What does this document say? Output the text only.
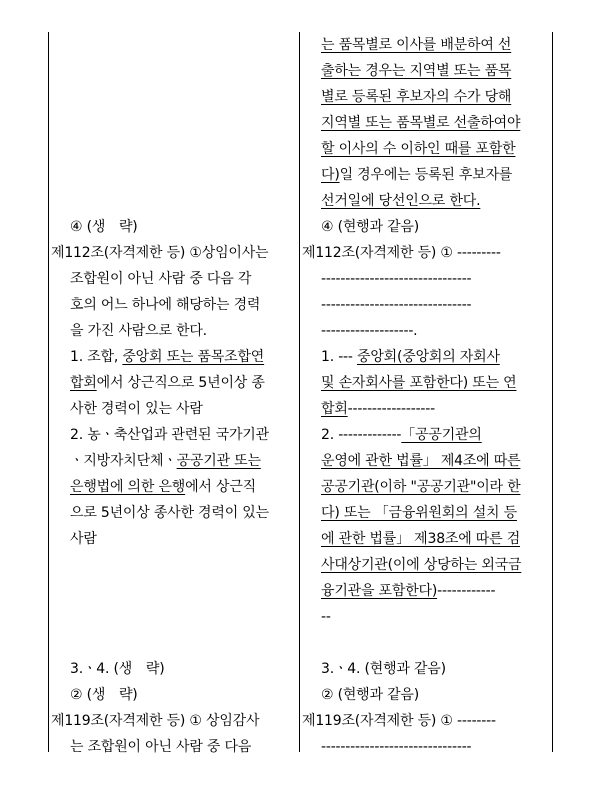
④ (생　략)
제112조(자격제한 등) ①상임이사는
조합원이 아닌 사람 중 다음 각
호의 어느 하나에 해당하는 경력
을 가진 사람으로 한다.
1. 조합, 중앙회 또는 품목조합연
합회에서 상근직으로 5년이상 종
사한 경력이 있는 사람
2. 농ㆍ축산업과 관련된 국가기관
ㆍ지방자치단체ㆍ공공기관 또는
은행법에 의한 은행에서 상근직
으로 5년이상 종사한 경력이 있는
사람
3.ㆍ4. (생　략)
② (생　략)
제119조(자격제한 등) ① 상임감사
는 조합원이 아닌 사람 중 다음
는 품목별로 이사를 배분하여 선
출하는 경우는 지역별 또는 품목
별로 등록된 후보자의 수가 당해
지역별 또는 품목별로 선출하여야
할 이사의 수 이하인 때를 포함한
다)일 경우에는 등록된 후보자를
선거일에 당선인으로 한다.
④ (현행과 같음)
제112조(자격제한 등) ① ---------
-------------------------------
-------------------------------
-------------------.
1. --- 중앙회(중앙회의 자회사
및 손자회사를 포함한다) 또는 연
합회------------------
2. -------------「공공기관의
운영에 관한 법률」 제4조에 따른
공공기관(이하 "공공기관"이라 한
다) 또는 「금융위원회의 설치 등
에 관한 법률」 제38조에 따른 검
사대상기관(이에 상당하는 외국금
융기관을 포함한다)------------
--
3.ㆍ4. (현행과 같음)
② (현행과 같음)
제119조(자격제한 등) ① --------
-------------------------------
